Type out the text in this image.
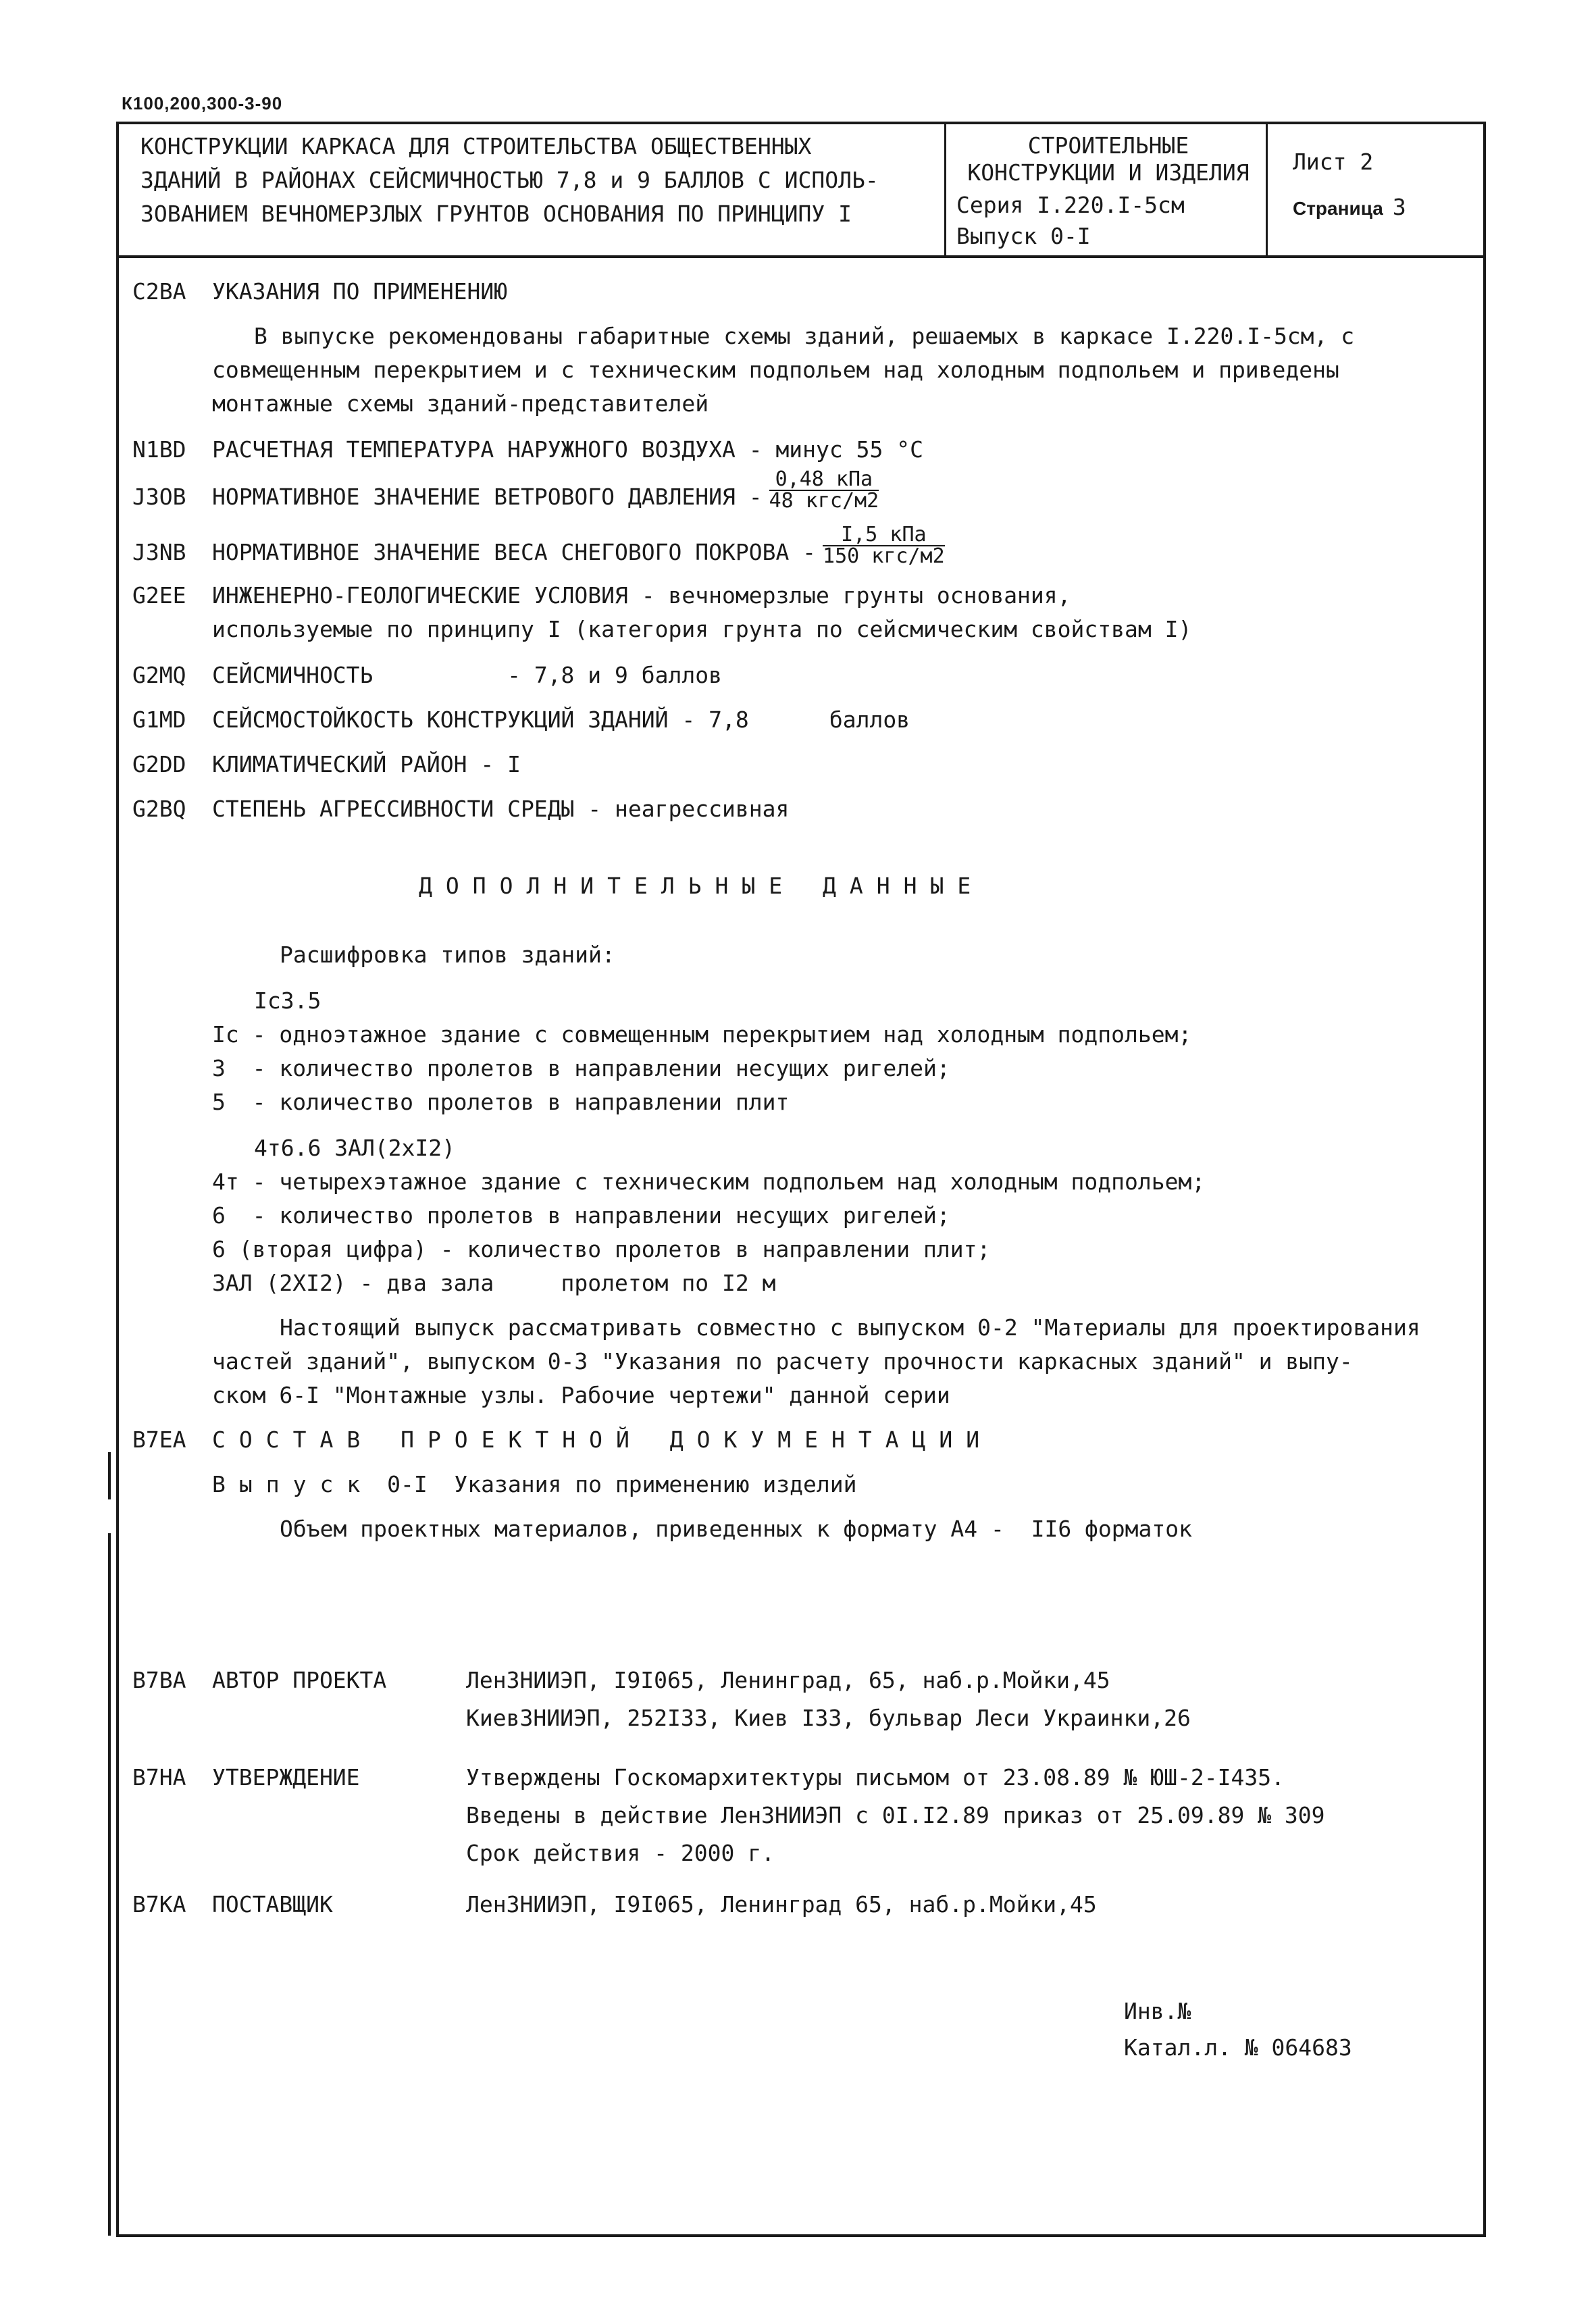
К100,200,300-3-90
КОНСТРУКЦИИ КАРКАСА ДЛЯ СТРОИТЕЛЬСТВА ОБЩЕСТВЕННЫХ
ЗДАНИЙ В РАЙОНАХ СЕЙСМИЧНОСТЬЮ 7,8 и 9 БАЛЛОВ С ИСПОЛЬ-
ЗОВАНИЕМ ВЕЧНОМЕРЗЛЫХ ГРУНТОВ ОСНОВАНИЯ ПО ПРИНЦИПУ I
СТРОИТЕЛЬНЫЕ
КОНСТРУКЦИИ И ИЗДЕЛИЯ
Серия I.220.I-5см
Выпуск 0-I
Лист 2
Страница 3
С2ВА УКАЗАНИЯ ПО ПРИМЕНЕНИЮ
В выпуске рекомендованы габаритные схемы зданий, решаемых в каркасе I.220.I-5см, с
совмещенным перекрытием и с техническим подпольем над холодным подпольем и приведены
монтажные схемы зданий-представителей
N1BD РАСЧЕТНАЯ ТЕМПЕРАТУРА НАРУЖНОГО ВОЗДУХА - минус 55 °С
J3OB НОРМАТИВНОЕ ЗНАЧЕНИЕ ВЕТРОВОГО ДАВЛЕНИЯ - $\frac{\text{0,48 кПа}}{\text{48 кгс/м2}}$
J3NB НОРМАТИВНОЕ ЗНАЧЕНИЕ ВЕСА СНЕГОВОГО ПОКРОВА - $\frac{\text{I,5 кПа}}{\text{150 кгс/м2}}$
G2EE ИНЖЕНЕРНО-ГЕОЛОГИЧЕСКИЕ УСЛОВИЯ - вечномерзлые грунты основания,
используемые по принципу I (категория грунта по сейсмическим свойствам I)
G2MQ СЕЙСМИЧНОСТЬ          - 7,8 и 9 баллов
G1MD СЕЙСМОСТОЙКОСТЬ КОНСТРУКЦИЙ ЗДАНИЙ - 7,8      баллов
G2DD КЛИМАТИЧЕСКИЙ РАЙОН - I
G2BQ СТЕПЕНЬ АГРЕССИВНОСТИ СРЕДЫ - неагрессивная
ДОПОЛНИТЕЛЬНЫЕ ДАННЫЕ
Расшифровка типов зданий:
Iс3.5
Iс - одноэтажное здание с совмещенным перекрытием над холодным подпольем;
3  - количество пролетов в направлении несущих ригелей;
5  - количество пролетов в направлении плит
4т6.6 ЗАЛ(2хI2)
4т - четырехэтажное здание с техническим подпольем над холодным подпольем;
6  - количество пролетов в направлении несущих ригелей;
6 (вторая цифра) - количество пролетов в направлении плит;
ЗАЛ (2XI2) - два зала     пролетом по I2 м
Настоящий выпуск рассматривать совместно с выпуском 0-2 "Материалы для проектирования
частей зданий", выпуском 0-3 "Указания по расчету прочности каркасных зданий" и выпу-
ском 6-I "Монтажные узлы. Рабочие чертежи" данной серии
В7ЕА СОСТАВ ПРОЕКТНОЙ ДОКУМЕНТАЦИИ
Выпуск 0-I  Указания по применению изделий
Объем проектных материалов, приведенных к формату А4 -  II6 форматок
В7ВА АВТОР ПРОЕКТА	ЛенЗНИИЭП, I9I065, Ленинград, 65, наб.р.Мойки,45
КиевЗНИИЭП, 252I33, Киев I33, бульвар Леси Украинки,26
В7НА УТВЕРЖДЕНИЕ	Утверждены Госкомархитектуры письмом от 23.08.89 № ЮШ-2-I435.
Введены в действие ЛенЗНИИЭП с 0I.I2.89 приказ от 25.09.89 № 309
Срок действия - 2000 г.
В7КА ПОСТАВЩИК	ЛенЗНИИЭП, I9I065, Ленинград 65, наб.р.Мойки,45
Инв.№
Катал.л. № 064683
